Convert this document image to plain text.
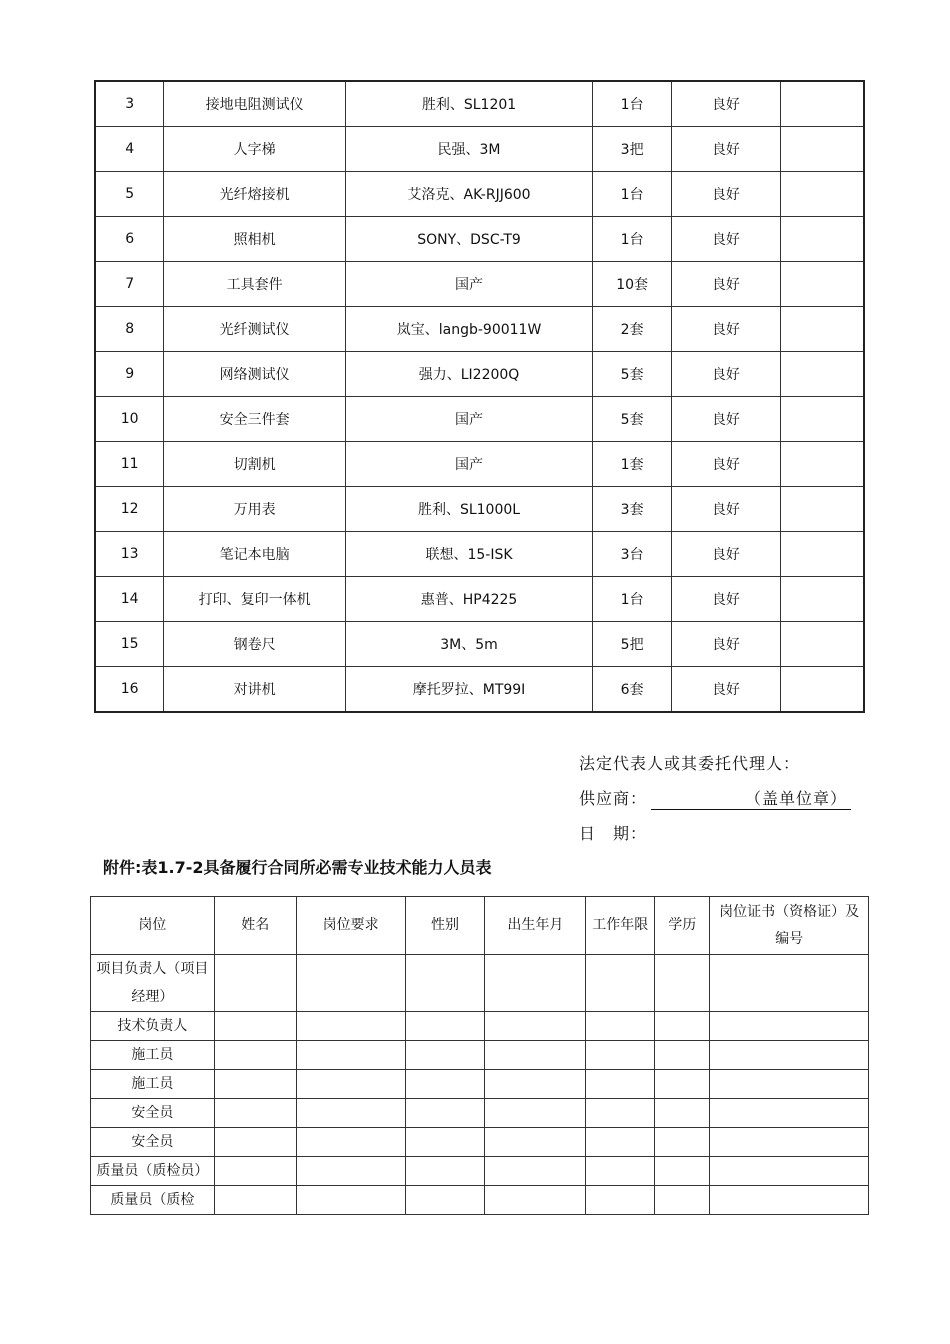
3	接地电阻测试仪	胜利、SL1201	1台	良好	
4	人字梯	民强、3M	3把	良好	
5	光纤熔接机	艾洛克、AK-RJJ600	1台	良好	
6	照相机	SONY、DSC-T9	1台	良好	
7	工具套件	国产	10套	良好	
8	光纤测试仪	岚宝、langb-90011W	2套	良好	
9	网络测试仪	强力、LI2200Q	5套	良好	
10	安全三件套	国产	5套	良好	
11	切割机	国产	1套	良好	
12	万用表	胜利、SL1000L	3套	良好	
13	笔记本电脑	联想、15-ISK	3台	良好	
14	打印、复印一体机	惠普、HP4225	1台	良好	
15	钢卷尺	3M、5m	5把	良好	
16	对讲机	摩托罗拉、MT99I	6套	良好	
法定代表人或其委托代理人：
供应商：	（盖单位章）
日　期：
附件:表1.7-2具备履行合同所必需专业技术能力人员表
岗位	姓名	岗位要求	性别	出生年月	工作年限	学历	岗位证书（资格证）及编号
项目负责人（项目经理）							
技术负责人							
施工员							
施工员							
安全员							
安全员							
质量员（质检员）							
质量员（质检							
